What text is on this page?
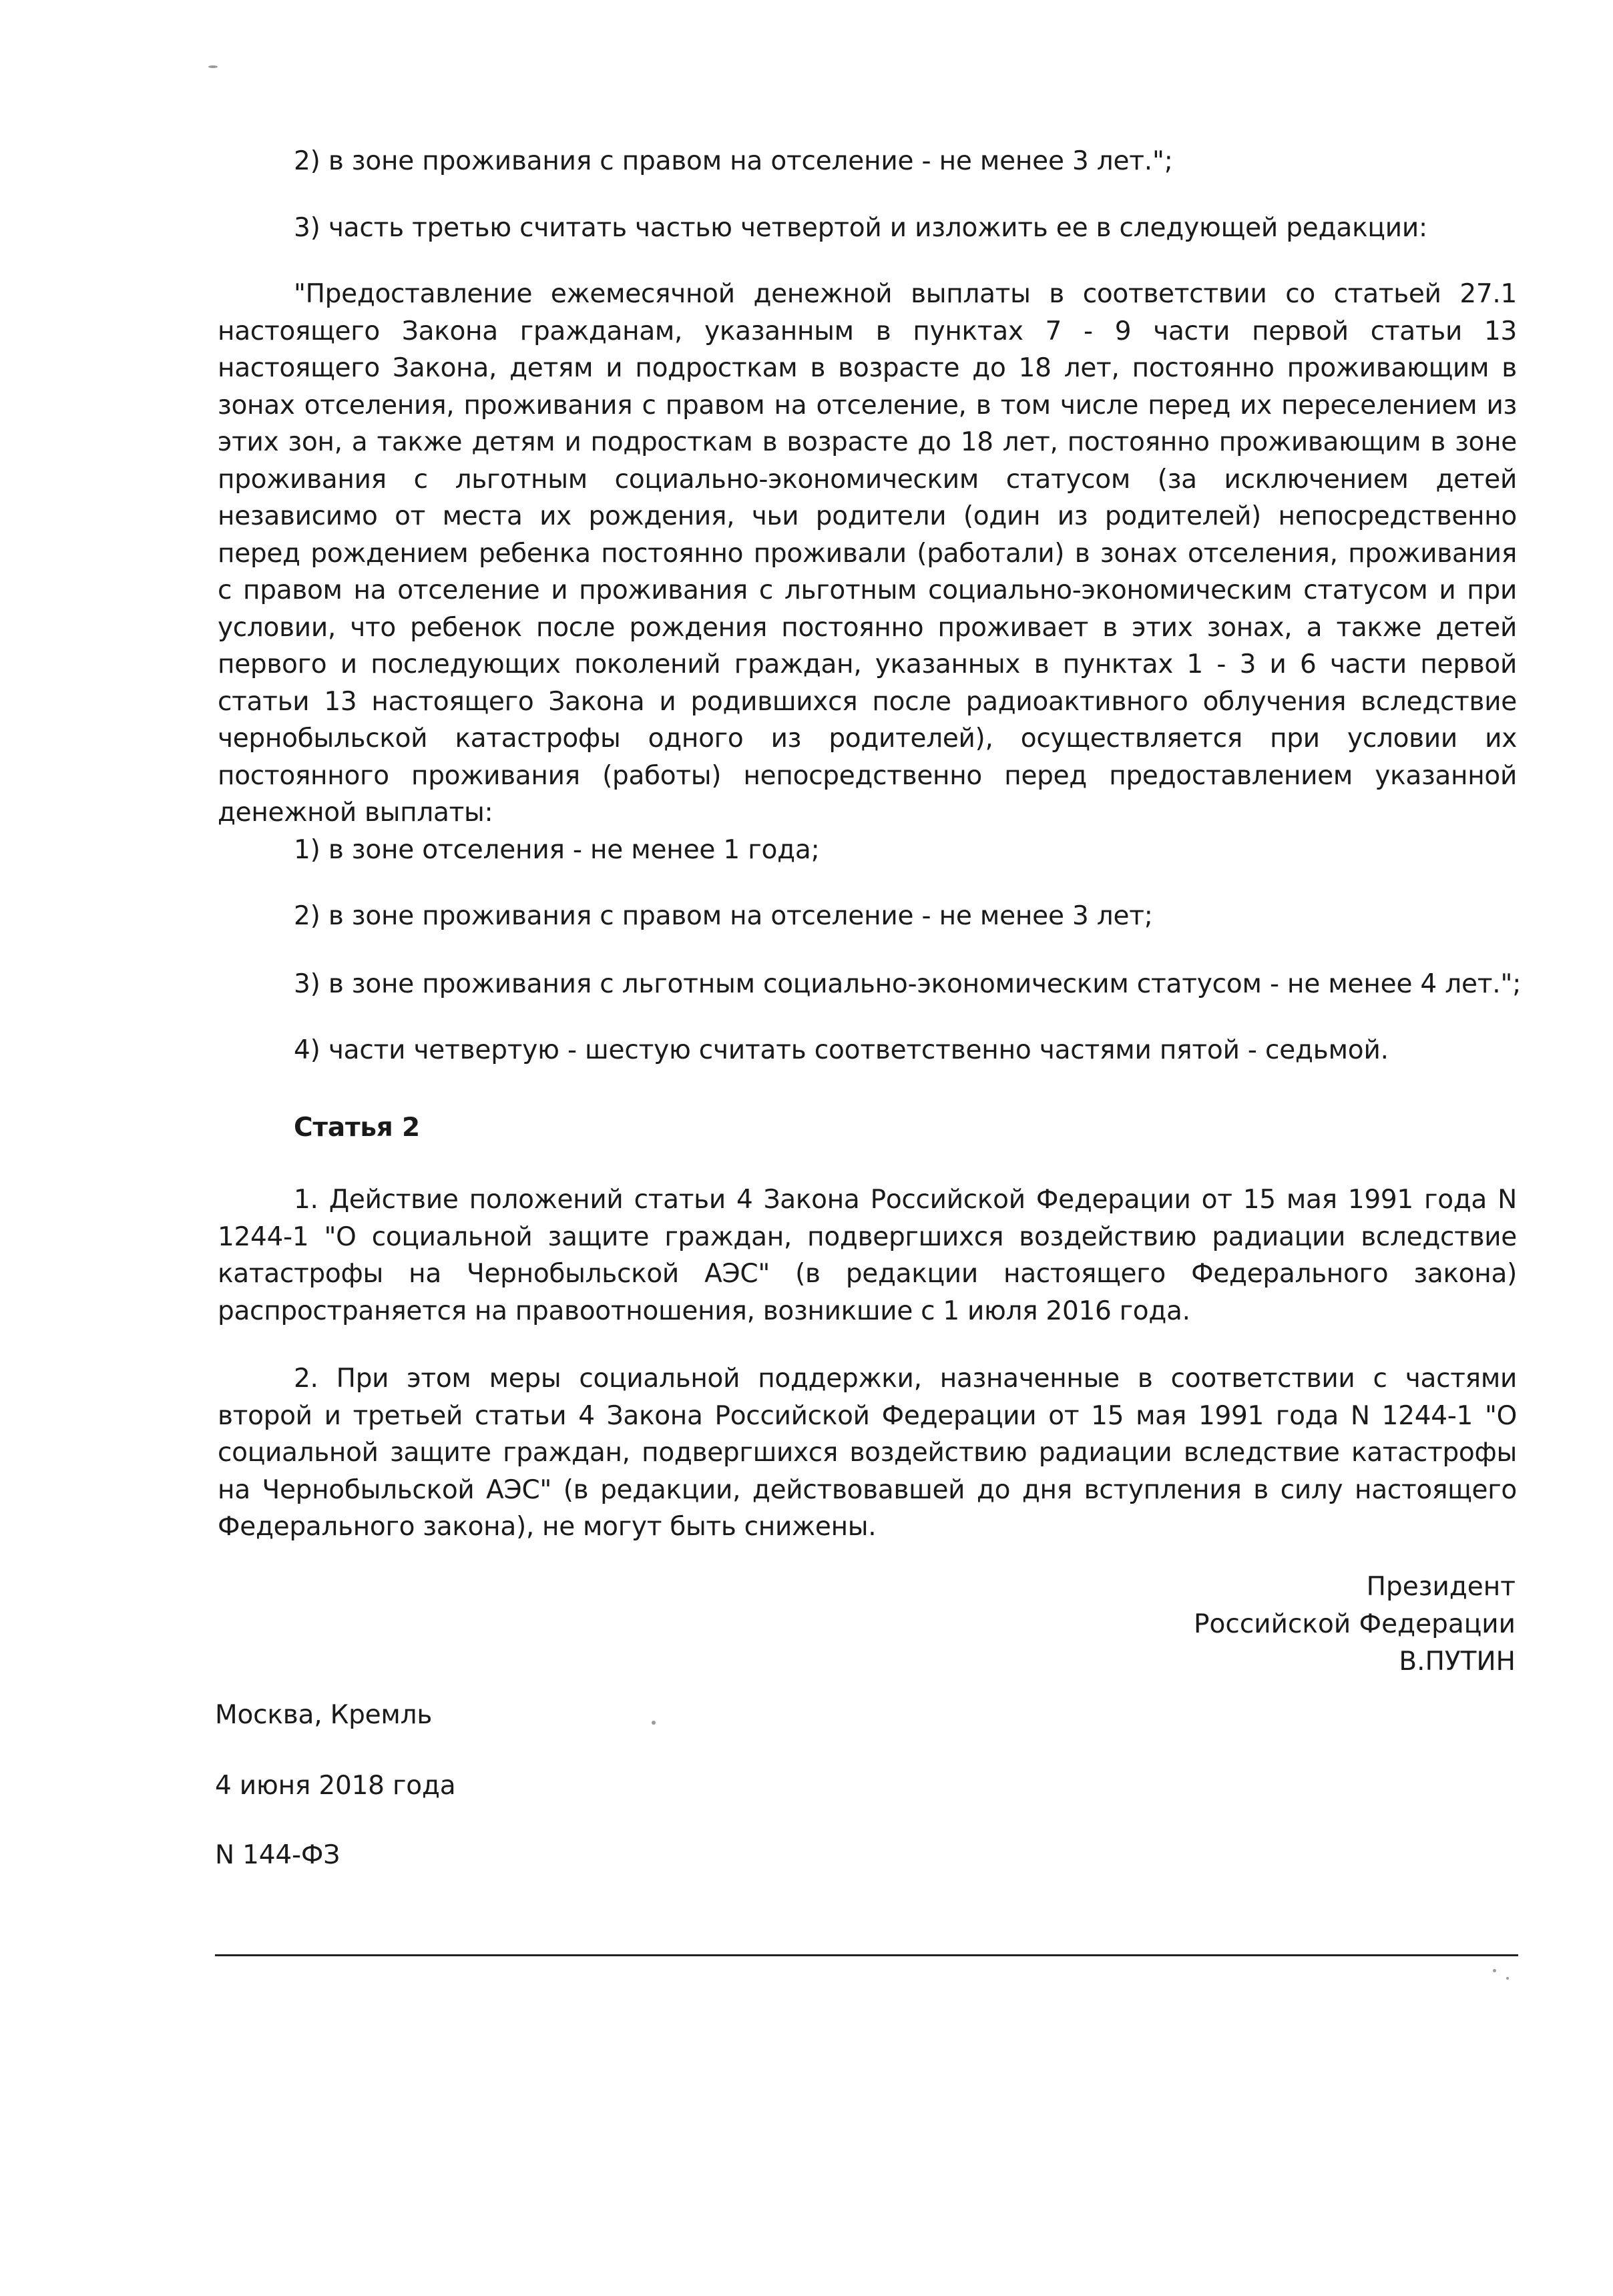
2) в зоне проживания с правом на отселение - не менее 3 лет.";
3) часть третью считать частью четвертой и изложить ее в следующей редакции:
"Предоставление ежемесячной денежной выплаты в соответствии со статьей 27.1 настоящего Закона гражданам, указанным в пунктах 7 - 9 части первой статьи 13 настоящего Закона, детям и подросткам в возрасте до 18 лет, постоянно проживающим в зонах отселения, проживания с правом на отселение, в том числе перед их переселением из этих зон, а также детям и подросткам в возрасте до 18 лет, постоянно проживающим в зоне проживания с льготным социально-экономическим статусом (за исключением детей независимо от места их рождения, чьи родители (один из родителей) непосредственно перед рождением ребенка постоянно проживали (работали) в зонах отселения, проживания с правом на отселение и проживания с льготным социально-экономическим статусом и при условии, что ребенок после рождения постоянно проживает в этих зонах, а также детей первого и последующих поколений граждан, указанных в пунктах 1 - 3 и 6 части первой статьи 13 настоящего Закона и родившихся после радиоактивного облучения вследствие чернобыльской катастрофы одного из родителей), осуществляется при условии их постоянного проживания (работы) непосредственно перед предоставлением указанной денежной выплаты:
1) в зоне отселения - не менее 1 года;
2) в зоне проживания с правом на отселение - не менее 3 лет;
3) в зоне проживания с льготным социально-экономическим статусом - не менее 4 лет.";
4) части четвертую - шестую считать соответственно частями пятой - седьмой.
Статья 2
1. Действие положений статьи 4 Закона Российской Федерации от 15 мая 1991 года N 1244-1 "О социальной защите граждан, подвергшихся воздействию радиации вследствие катастрофы на Чернобыльской АЭС" (в редакции настоящего Федерального закона) распространяется на правоотношения, возникшие с 1 июля 2016 года.
2. При этом меры социальной поддержки, назначенные в соответствии с частями второй и третьей статьи 4 Закона Российской Федерации от 15 мая 1991 года N 1244-1 "О социальной защите граждан, подвергшихся воздействию радиации вследствие катастрофы на Чернобыльской АЭС" (в редакции, действовавшей до дня вступления в силу настоящего Федерального закона), не могут быть снижены.
Президент
Российской Федерации
В.ПУТИН
Москва, Кремль
4 июня 2018 года
N 144-ФЗ
